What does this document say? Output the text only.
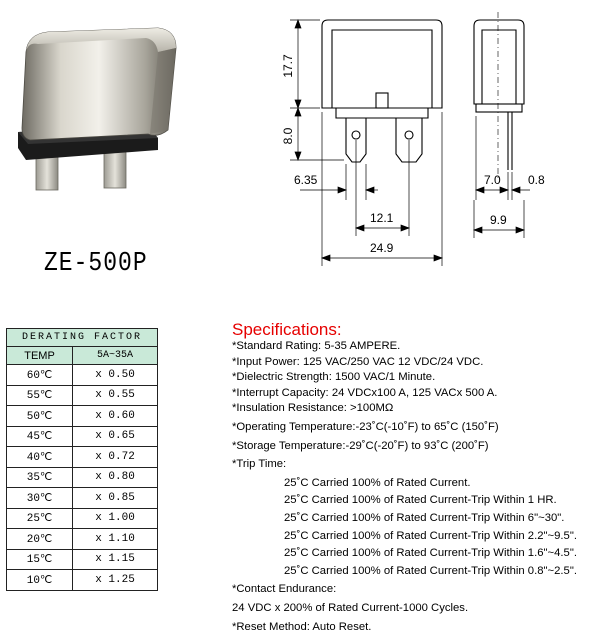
ZE-500P
17.7
8.0
6.35
12.1
24.9
7.0 0.8
9.9
DERATING FACTOR	
TEMP	5A~35A
60℃	x 0.50
55℃	x 0.55
50℃	x 0.60
45℃	x 0.65
40℃	x 0.72
35℃	x 0.80
30℃	x 0.85
25℃	x 1.00
20℃	x 1.10
15℃	x 1.15
10℃	x 1.25
Specifications:
*Standard Rating: 5-35 AMPERE.
*Input Power: 125 VAC/250 VAC 12 VDC/24 VDC.
*Dielectric Strength: 1500 VAC/1 Minute.
*Interrupt Capacity: 24 VDCx100 A, 125 VACx 500 A.
*Insulation Resistance: >100MΩ
*Operating Temperature:-23˚C(-10˚F) to 65˚C (150˚F)
*Storage Temperature:-29˚C(-20˚F) to 93˚C (200˚F)
*Trip Time:
25˚C Carried 100% of Rated Current.
25˚C Carried 100% of Rated Current-Trip Within 1 HR.
25˚C Carried 100% of Rated Current-Trip Within 6"~30".
25˚C Carried 100% of Rated Current-Trip Within 2.2"~9.5".
25˚C Carried 100% of Rated Current-Trip Within 1.6"~4.5".
25˚C Carried 100% of Rated Current-Trip Within 0.8"~2.5".
*Contact Endurance:
24 VDC x 200% of Rated Current-1000 Cycles.
*Reset Method: Auto Reset.
